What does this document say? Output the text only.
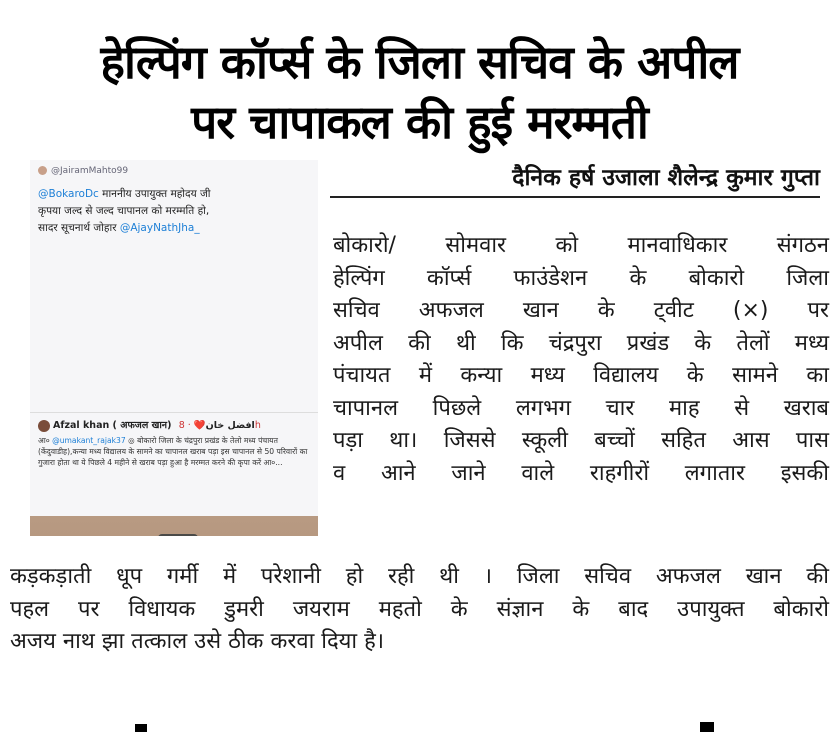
हेल्पिंग कॉर्प्स के जिला सचिव के अपील
पर चापाकल की हुई मरम्मती
दैनिक हर्ष उजाला शैलेन्द्र कुमार गुप्ता
@JairamMahto99
@BokaroDc माननीय उपायुक्त महोदय जी
कृपया जल्द से जल्द चापानल को मरम्मति हो,
सादर सूचनार्थ जोहार @AjayNathJha_
Afzal khan ( अफजल खान) افضل خان❤️ · 8h
आ० @umakant_rajak37 ◎ बोकारो जिला के चंद्रपुरा प्रखंड के तेलो मध्य पंचायत (केंदुवाडीह),कन्या मध्य विद्यालय के सामने का चापानल खराब पड़ा इस चापानल से 50 परिवारों का गुजारा होता था ये पिछले 4 महीने से खराब पड़ा हुआ है मरम्मत करने की कृपा करें आ०...

बोकारो/ सोमवार को मानवाधिकार संगठन

हेल्पिंग कॉर्प्स फाउंडेशन के बोकारो जिला

सचिव अफजल खान के ट्वीट (×) पर

अपील की थी कि चंद्रपुरा प्रखंड के तेलों मध्य

पंचायत में कन्या मध्य विद्यालय के सामने का

चापानल पिछले लगभग चार माह से खराब

पड़ा था। जिससे स्कूली बच्चों सहित आस पास

व आने जाने वाले राहगीरों लगातार इसकी

कड़कड़ाती धूप गर्मी में परेशानी हो रही थी । जिला सचिव अफजल खान की

पहल पर विधायक डुमरी जयराम महतो के संज्ञान के बाद उपायुक्त बोकारो

अजय नाथ झा तत्काल उसे ठीक करवा दिया है।
